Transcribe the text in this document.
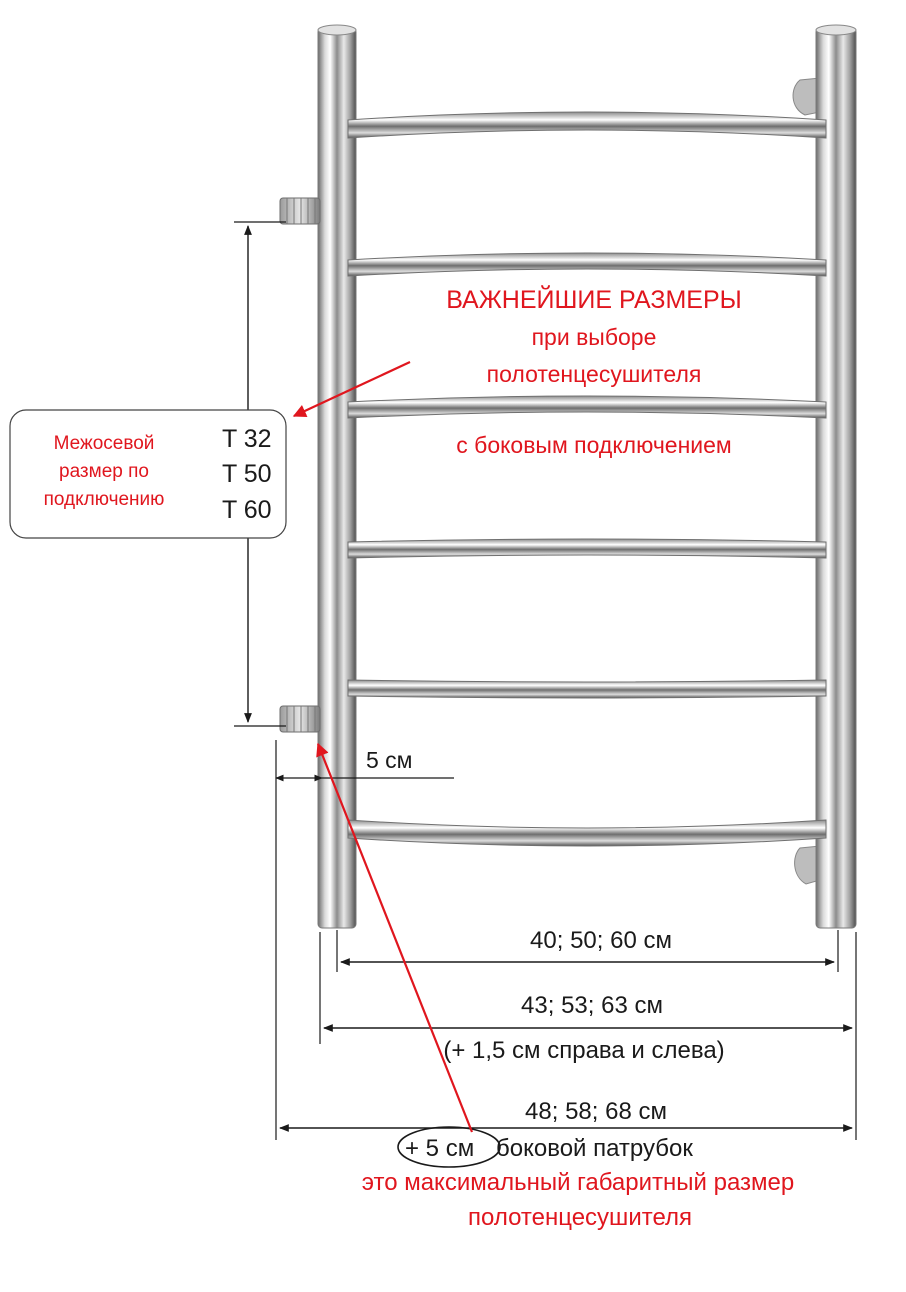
Межосевой
размер по
подключению
T 32
T 50
T 60
ВАЖНЕЙШИЕ РАЗМЕРЫ
при выборе
полотенцесушителя
с боковым подключением
5 см
40; 50; 60 см
43; 53; 63 см
(+ 1,5 см справа и слева)
48; 58; 68 см
+ 5 см боковой патрубок
это максимальный габаритный размер
полотенцесушителя
